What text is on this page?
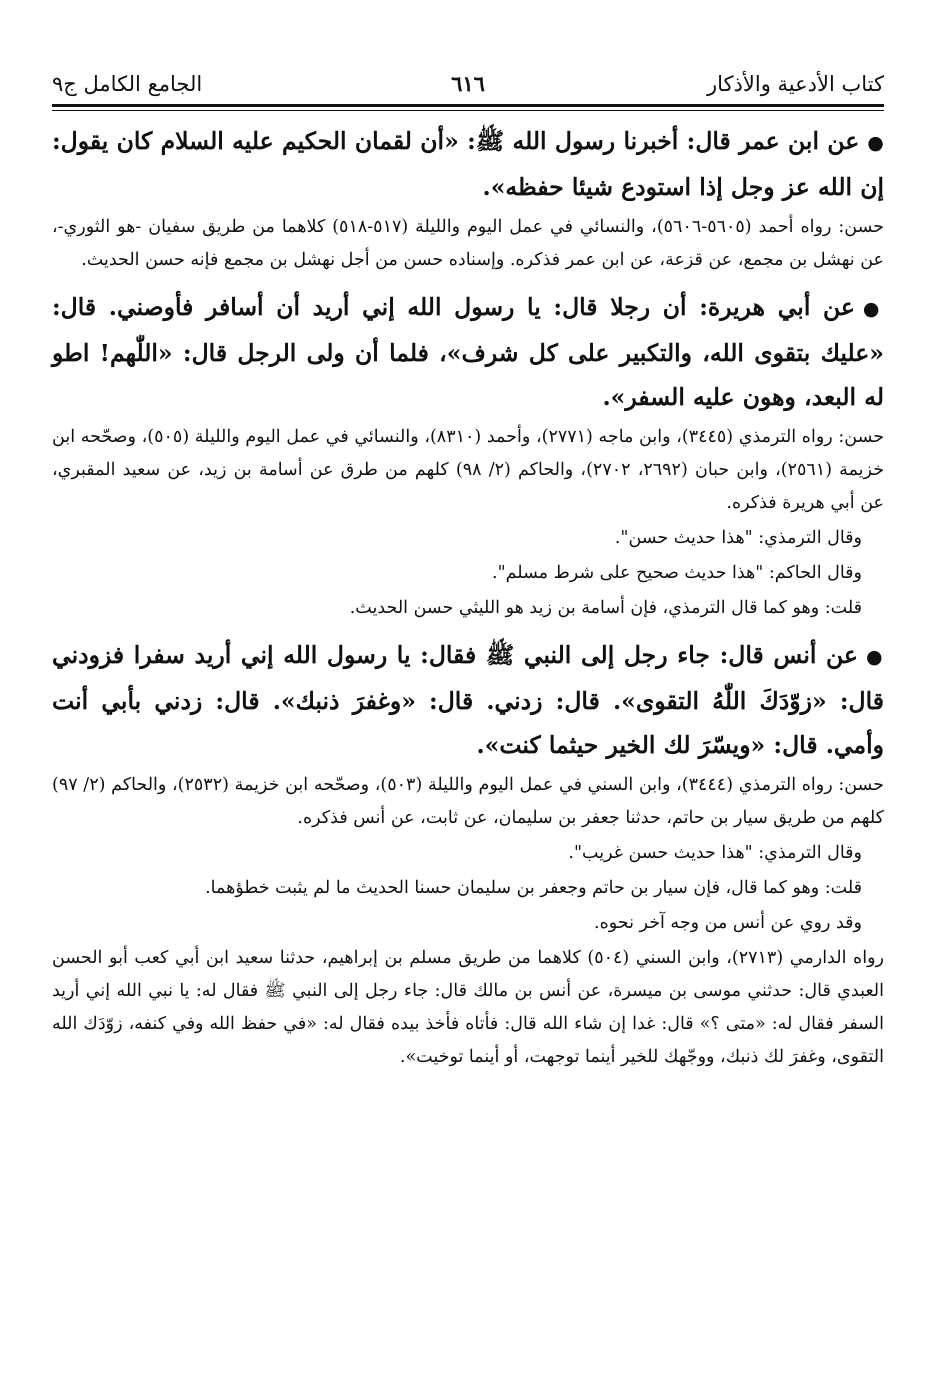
كتاب الأدعية والأذكار
٦١٦
الجامع الكامل ج٩

●عن ابن عمر قال: أخبرنا رسول الله ﷺ: «أن لقمان الحكيم عليه السلام كان يقول: إن الله عز وجل إذا استودع شيئا حفظه».

حسن: رواه أحمد (٥٦٠٥-٥٦٠٦)، والنسائي في عمل اليوم والليلة (٥١٧-٥١٨) كلاهما من طريق سفيان -هو الثوري-، عن نهشل بن مجمع، عن قزعة، عن ابن عمر فذكره. وإسناده حسن من أجل نهشل بن مجمع فإنه حسن الحديث.

●عن أبي هريرة: أن رجلا قال: يا رسول الله إني أريد أن أسافر فأوصني. قال: «عليك بتقوى الله، والتكبير على كل شرف»، فلما أن ولى الرجل قال: «اللّٰهم! اطو له البعد، وهون عليه السفر».

حسن: رواه الترمذي (٣٤٤٥)، وابن ماجه (٢٧٧١)، وأحمد (٨٣١٠)، والنسائي في عمل اليوم والليلة (٥٠٥)، وصحّحه ابن خزيمة (٢٥٦١)، وابن حبان (٢٦٩٢، ٢٧٠٢)، والحاكم (٢/ ٩٨) كلهم من طرق عن أسامة بن زيد، عن سعيد المقبري، عن أبي هريرة فذكره.

وقال الترمذي: "هذا حديث حسن".

وقال الحاكم: "هذا حديث صحيح على شرط مسلم".

قلت: وهو كما قال الترمذي، فإن أسامة بن زيد هو الليثي حسن الحديث.

●عن أنس قال: جاء رجل إلى النبي ﷺ فقال: يا رسول الله إني أريد سفرا فزودني قال: «زوّدَكَ اللّٰهُ التقوى». قال: زدني. قال: «وغفرَ ذنبك». قال: زدني بأبي أنت وأمي. قال: «ويسّرَ لك الخير حيثما كنت».

حسن: رواه الترمذي (٣٤٤٤)، وابن السني في عمل اليوم والليلة (٥٠٣)، وصحّحه ابن خزيمة (٢٥٣٢)، والحاكم (٢/ ٩٧) كلهم من طريق سيار بن حاتم، حدثنا جعفر بن سليمان، عن ثابت، عن أنس فذكره.

وقال الترمذي: "هذا حديث حسن غريب".

قلت: وهو كما قال، فإن سيار بن حاتم وجعفر بن سليمان حسنا الحديث ما لم يثبت خطؤهما.

وقد روي عن أنس من وجه آخر نحوه.

رواه الدارمي (٢٧١٣)، وابن السني (٥٠٤) كلاهما من طريق مسلم بن إبراهيم، حدثنا سعيد ابن أبي كعب أبو الحسن العبدي قال: حدثني موسى بن ميسرة، عن أنس بن مالك قال: جاء رجل إلى النبي ﷺ فقال له: يا نبي الله إني أريد السفر فقال له: «متى ؟» قال: غدا إن شاء الله قال: فأتاه فأخذ بيده فقال له: «في حفظ الله وفي كنفه، زوّدَك الله التقوى، وغفرَ لك ذنبك، ووجّهك للخير أينما توجهت، أو أينما توخيت».
